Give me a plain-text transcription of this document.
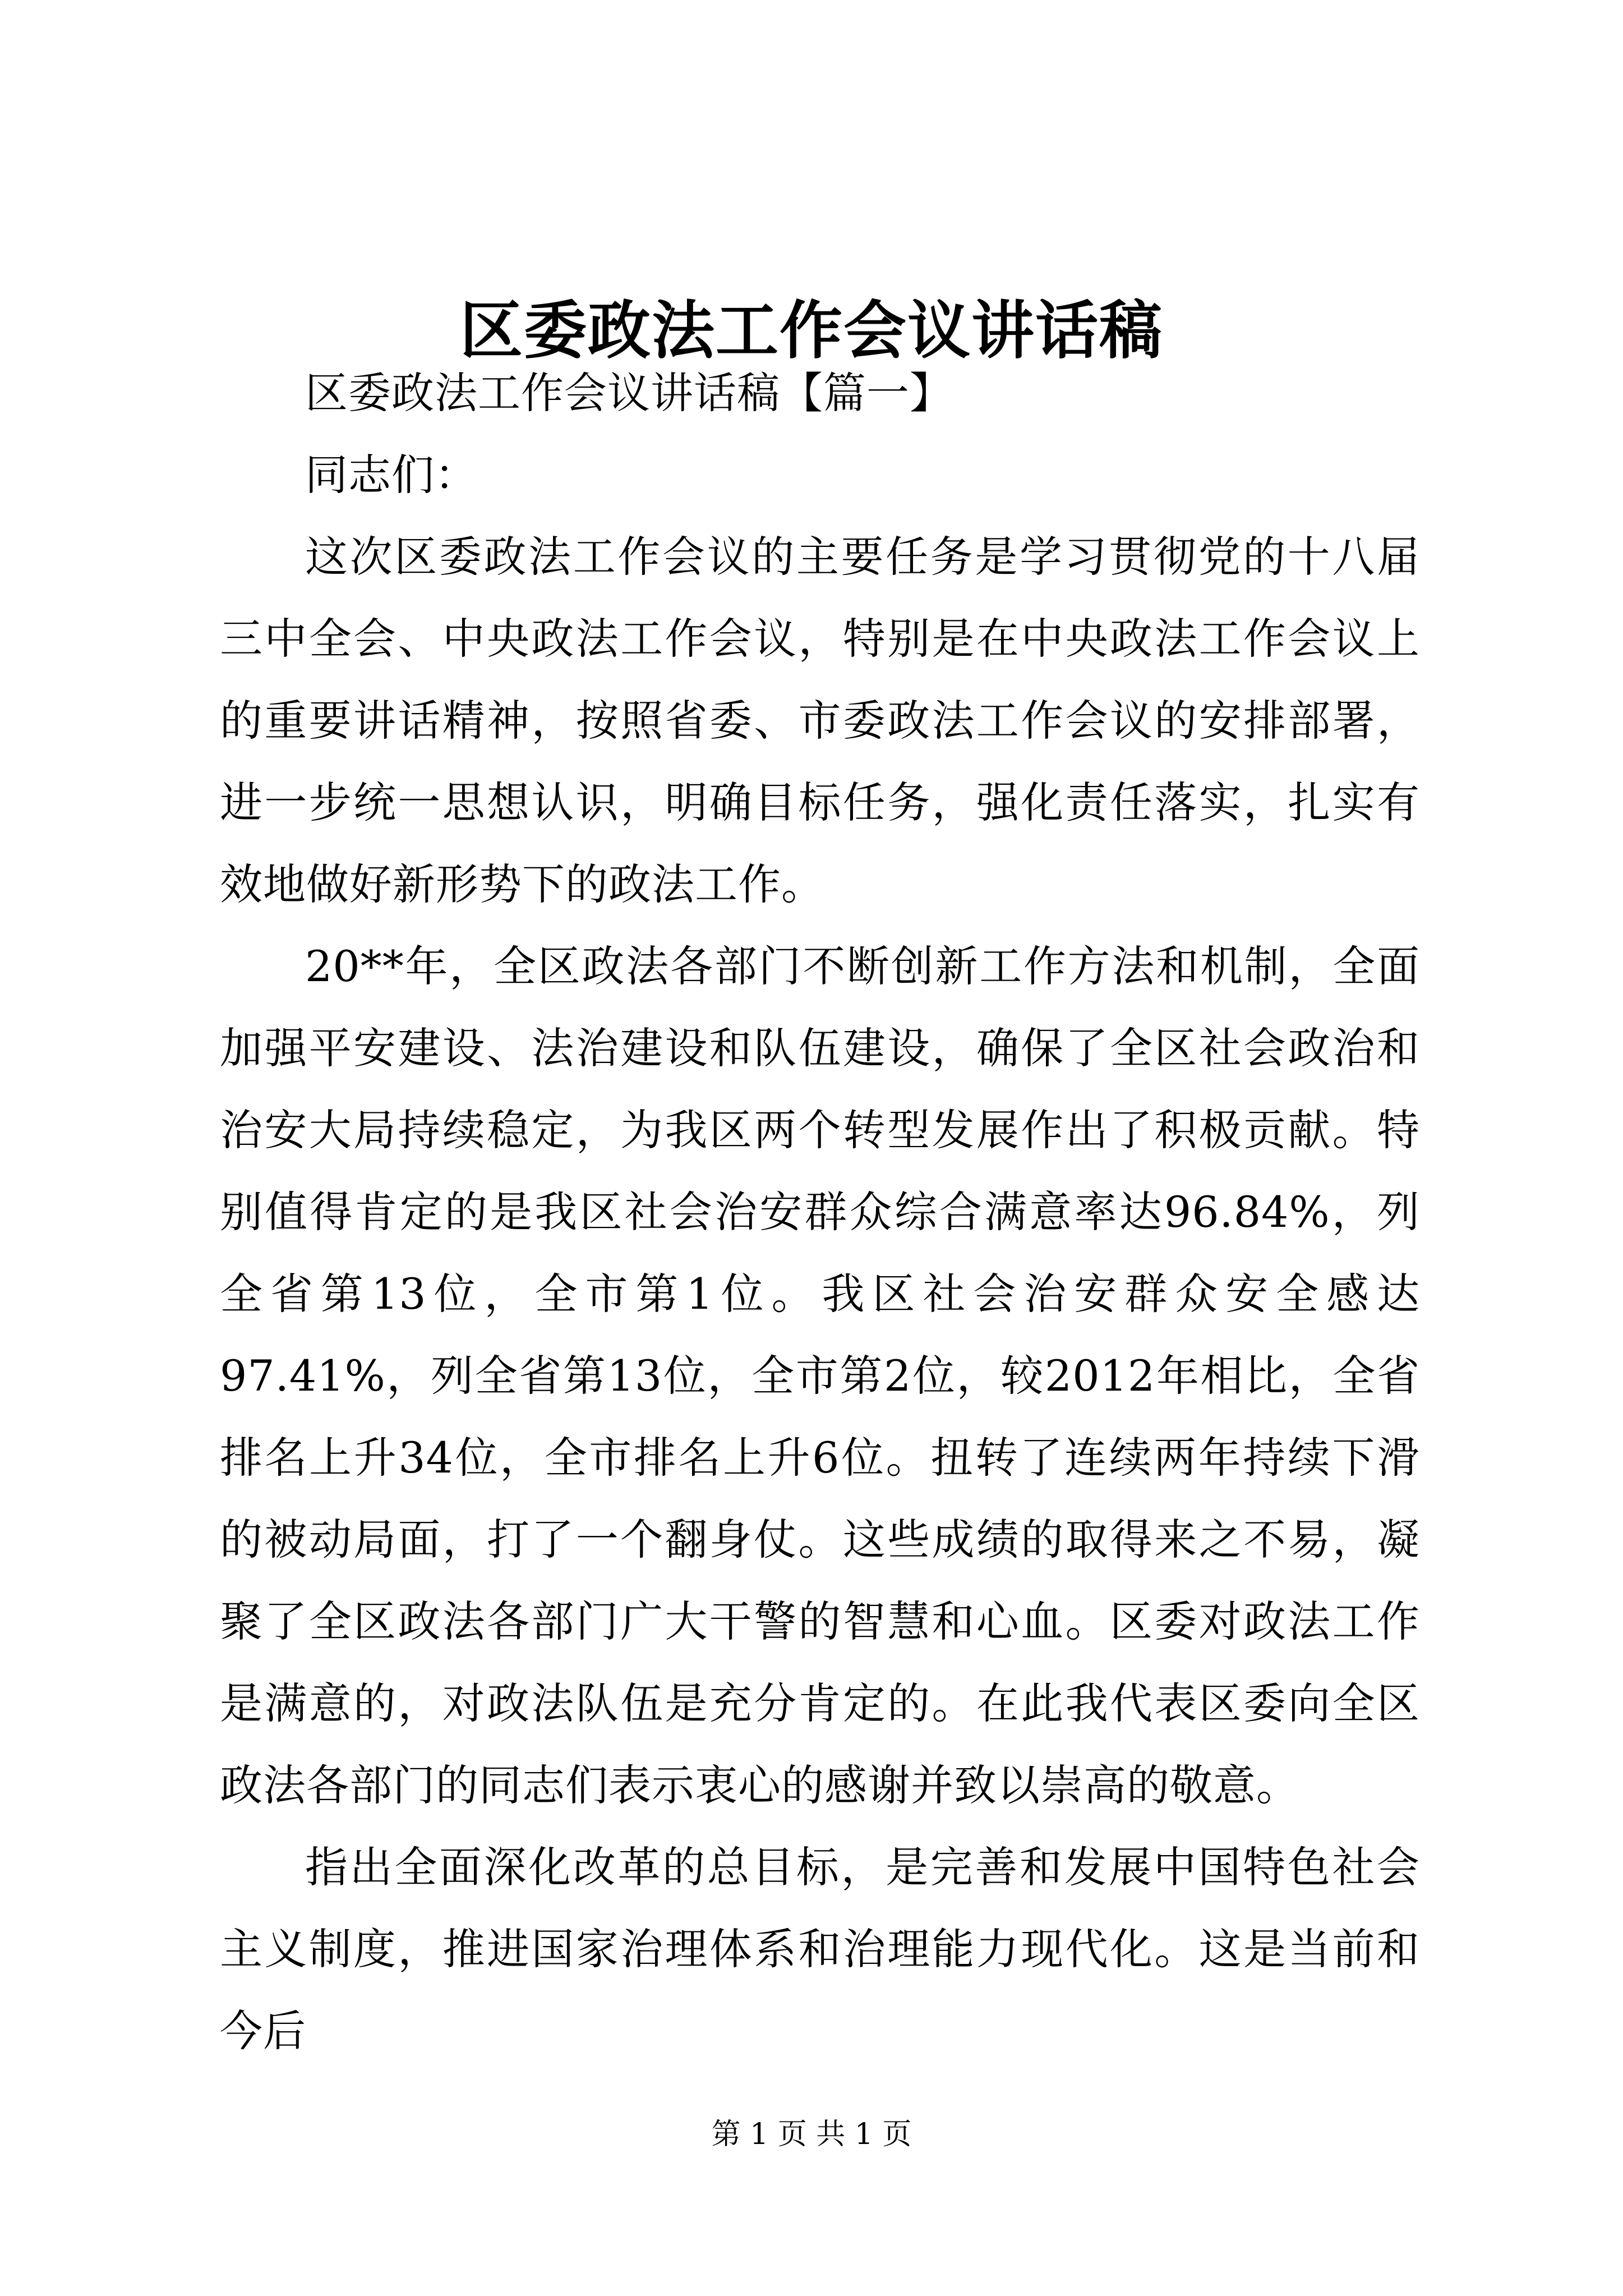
区委政法工作会议讲话稿

区委政法工作会议讲话稿【篇一】

同志们：

这次区委政法工作会议的主要任务是学习贯彻党的十八届三中全会、中央政法工作会议，特别是在中央政法工作会议上的重要讲话精神，按照省委、市委政法工作会议的安排部署，进一步统一思想认识，明确目标任务，强化责任落实，扎实有效地做好新形势下的政法工作。

20**年，全区政法各部门不断创新工作方法和机制，全面加强平安建设、法治建设和队伍建设，确保了全区社会政治和治安大局持续稳定，为我区两个转型发展作出了积极贡献。特别值得肯定的是我区社会治安群众综合满意率达96.84%，列全省第13位，全市第1位。我区社会治安群众安全感达97.41%，列全省第13位，全市第2位，较2012年相比，全省排名上升34位，全市排名上升6位。扭转了连续两年持续下滑的被动局面，打了一个翻身仗。这些成绩的取得来之不易，凝聚了全区政法各部门广大干警的智慧和心血。区委对政法工作是满意的，对政法队伍是充分肯定的。在此我代表区委向全区政法各部门的同志们表示衷心的感谢并致以崇高的敬意。

指出全面深化改革的总目标，是完善和发展中国特色社会主义制度，推进国家治理体系和治理能力现代化。这是当前和今后

第 1 页 共 1 页
